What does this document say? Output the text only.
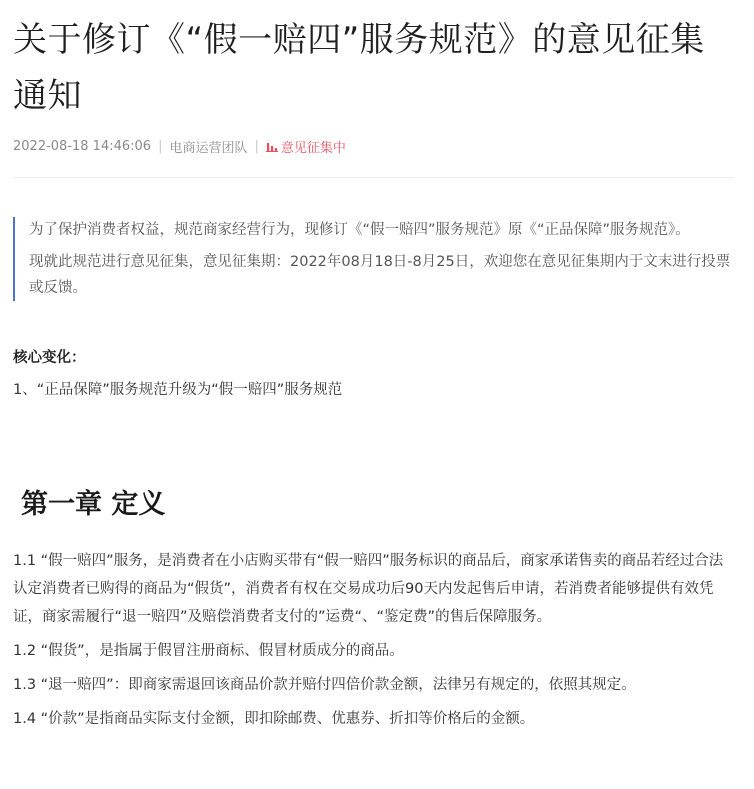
关于修订《“假一赔四”服务规范》的意见征集通知
2022-08-18 14:46:06 | 电商运营团队 | 意见征集中

为了保护消费者权益，规范商家经营行为，现修订《“假一赔四”服务规范》原《“正品保障”服务规范》。

现就此规范进行意见征集，意见征集期：2022年08月18日-8月25日，欢迎您在意见征集期内于文末进行投票或反馈。

核心变化：
1、“正品保障”服务规范升级为“假一赔四”服务规范
第一章 定义

1.1 “假一赔四”服务，是消费者在小店购买带有“假一赔四”服务标识的商品后，商家承诺售卖的商品若经过合法认定消费者已购得的商品为“假货”，消费者有权在交易成功后90天内发起售后申请，若消费者能够提供有效凭证，商家需履行“退一赔四”及赔偿消费者支付的”运费“、“鉴定费”的售后保障服务。

1.2 “假货”，是指属于假冒注册商标、假冒材质成分的商品。

1.3 “退一赔四”：即商家需退回该商品价款并赔付四倍价款金额，法律另有规定的，依照其规定。

1.4 “价款”是指商品实际支付金额，即扣除邮费、优惠券、折扣等价格后的金额。
